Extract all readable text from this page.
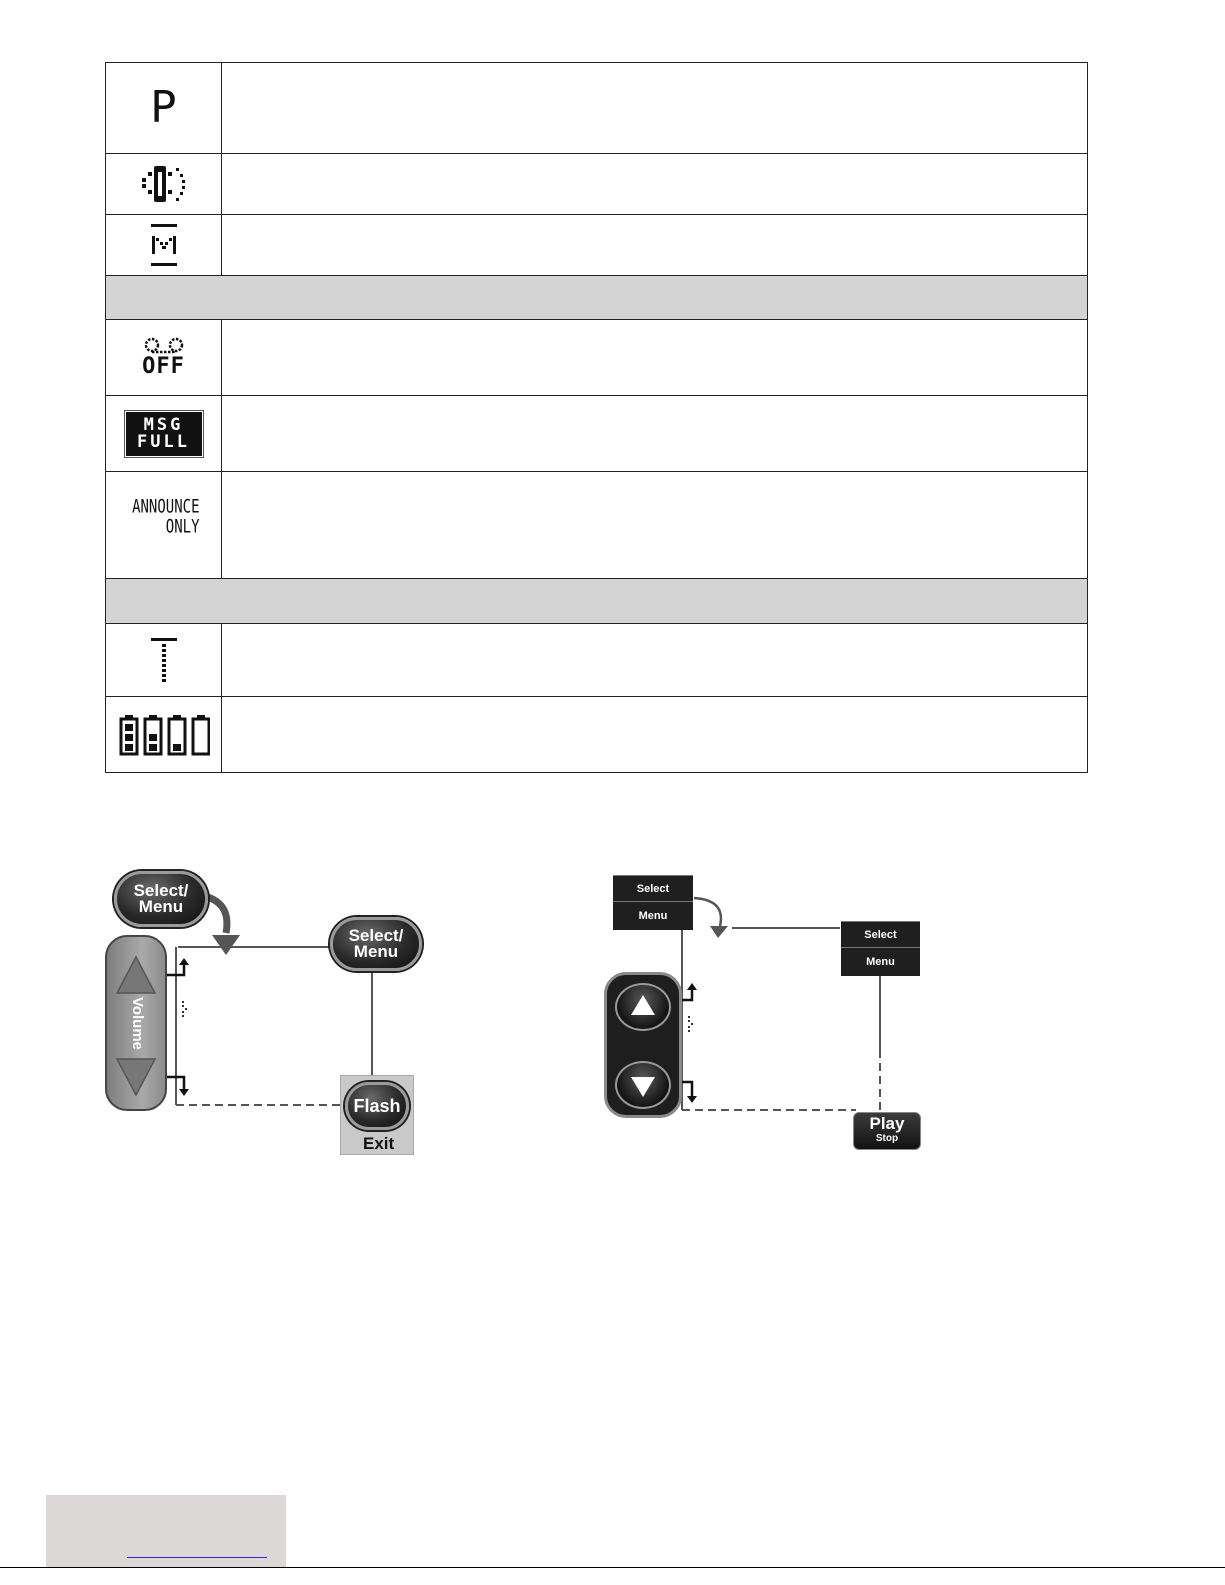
P
OFF
MSG
FULL
ANNOUNCE
ONLY
Select/
Menu
Select/
Menu
Volume
Flash
Exit
Select
Menu
Select
Menu
Play
Stop
